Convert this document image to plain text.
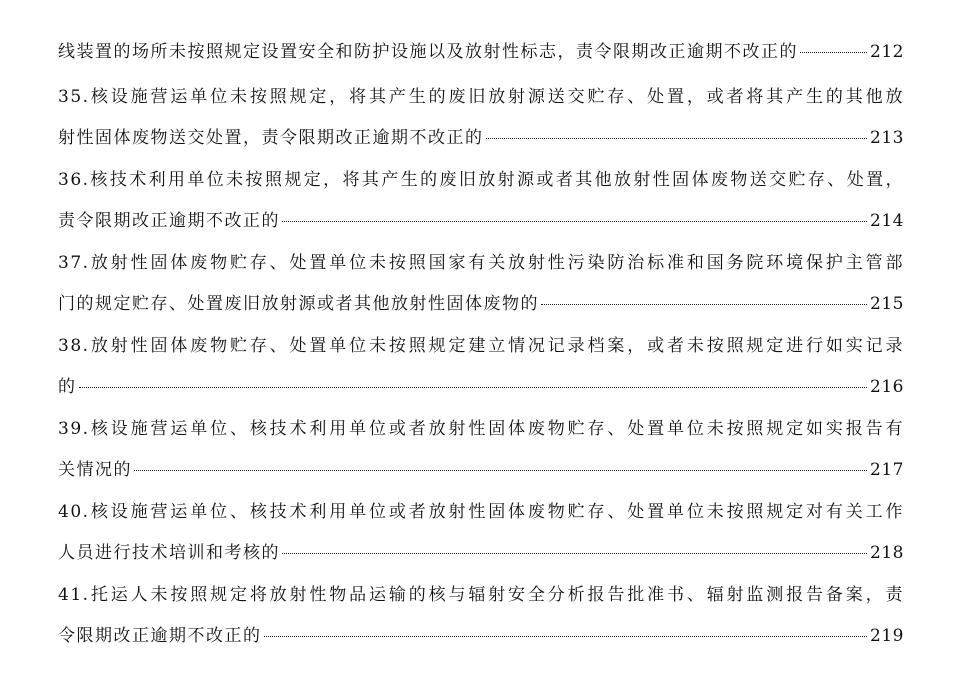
线装置的场所未按照规定设置安全和防护设施以及放射性标志，责令限期改正逾期不改正的	212
35.核设施营运单位未按照规定，将其产生的废旧放射源送交贮存、处置，或者将其产生的其他放
射性固体废物送交处置，责令限期改正逾期不改正的	213
36.核技术利用单位未按照规定，将其产生的废旧放射源或者其他放射性固体废物送交贮存、处置，
责令限期改正逾期不改正的	214
37.放射性固体废物贮存、处置单位未按照国家有关放射性污染防治标准和国务院环境保护主管部
门的规定贮存、处置废旧放射源或者其他放射性固体废物的	215
38.放射性固体废物贮存、处置单位未按照规定建立情况记录档案，或者未按照规定进行如实记录
的	216
39.核设施营运单位、核技术利用单位或者放射性固体废物贮存、处置单位未按照规定如实报告有
关情况的	217
40.核设施营运单位、核技术利用单位或者放射性固体废物贮存、处置单位未按照规定对有关工作
人员进行技术培训和考核的	218
41.托运人未按照规定将放射性物品运输的核与辐射安全分析报告批准书、辐射监测报告备案，责
令限期改正逾期不改正的	219
